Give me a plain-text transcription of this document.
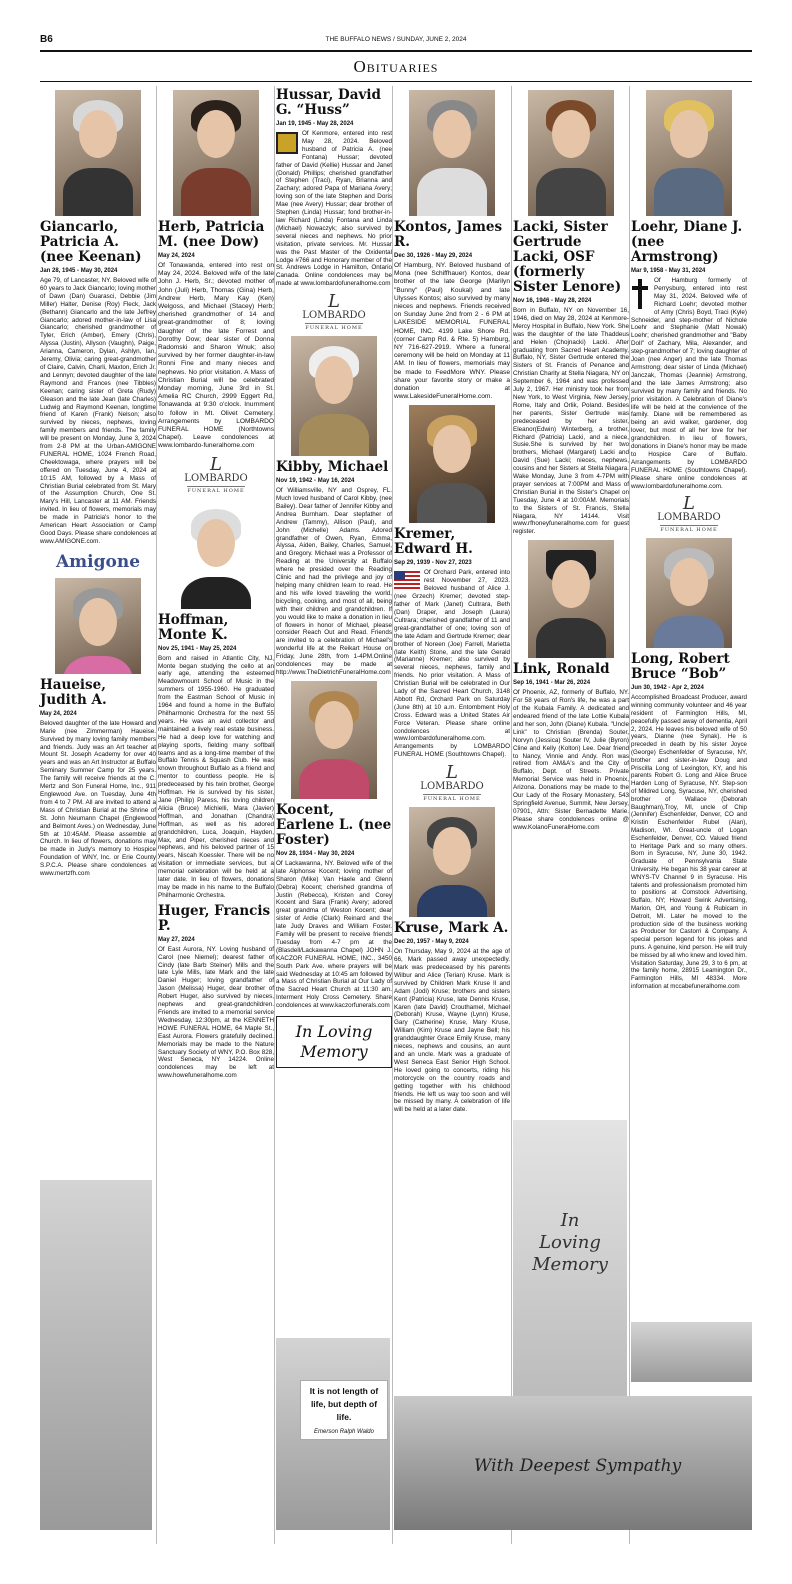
B6	THE BUFFALO NEWS / SUNDAY, JUNE 2, 2024
Obituaries
Giancarlo, Patricia A. (nee Keenan)
Jan 28, 1945 - May 30, 2024
Age 79, of Lancaster, NY. Beloved wife of 60 years to Jack Giancarlo; loving mother of Dawn (Dan) Guarasci, Debbie (Jim Miller) Halter, Denise (Roy) Fleck, Jack (Bethann) Giancarlo and the late Jeffrey Giancarlo; adored mother-in-law of Lisa Giancarlo; cherished grandmother of Tyler, Erich (Amber), Emery (Chris), Alyssa (Justin), Allyson (Vaughn), Paige, Arianna, Cameron, Dylan, Ashlyn, Ian, Jeremy, Olivia; caring great-grandmother of Claire, Calvin, Charli, Maxton, Erich Jr. and Lennyn; devoted daughter of the late Raymond and Frances (nee Tibbles) Keenan; caring sister of Greta (Rudy) Gleason and the late Jean (late Charles) Ludwig and Raymond Keenan, longtime friend of Karen (Frank) Nelson; also survived by nieces, nephews, loving family members and friends. The family will be present on Monday, June 3, 2024 from 2-8 PM at the Urban-AMIGONE FUNERAL HOME, 1024 French Road, Cheektowaga, where prayers will be offered on Tuesday, June 4, 2024 at 10:15 AM, followed by a Mass of Christian Burial celebrated from St. Mary of the Assumption Church, One St. Mary's Hill, Lancaster at 11 AM. Friends invited. In lieu of flowers, memorials may be made in Patricia's honor to the American Heart Association or Camp Good Days. Please share condolences at www.AMIGONE.com.
Amigone
Haueise, Judith A.
May 24, 2024
Beloved daughter of the late Howard and Marie (nee Zimmerman) Haueise. Survived by many loving family members and friends. Judy was an Art teacher at Mount St. Joseph Academy for over 40 years and was an Art Instructor at Buffalo Seminary Summer Camp for 25 years. The family will receive friends at the C. Mertz and Son Funeral Home, Inc., 911 Englewood Ave. on Tuesday, June 4th from 4 to 7 PM. All are invited to attend a Mass of Christian Burial at the Shrine of St. John Neumann Chapel (Englewood and Belmont Aves.) on Wednesday, June 5th at 10:45AM. Please assemble at Church. In lieu of flowers, donations may be made in Judy's memory to Hospice Foundation of WNY, Inc. or Erie County S.P.C.A. Please share condolences at www.mertzfh.com
Herb, Patricia M. (nee Dow)
May 24, 2024
Of Tonawanda, entered into rest on May 24, 2024. Beloved wife of the late John J. Herb, Sr.; devoted mother of John (Juli) Herb, Thomas (Gina) Herb, Andrew Herb, Mary Kay (Ken) Welgoss, and Michael (Stacey) Herb; cherished grandmother of 14 and great-grandmother of 8; loving daughter of the late Forrest and Dorothy Dow; dear sister of Donna Radomski and Sharon Wnuk; also survived by her former daughter-in-law Ronni Fine and many nieces and nephews. No prior visitation. A Mass of Christian Burial will be celebrated Monday morning, June 3rd in St. Amelia RC Church, 2999 Eggert Rd, Tonawanda at 9:30 o'clock. Inurnment to follow in Mt. Olivet Cemetery. Arrangements by LOMBARDO FUNERAL HOME (Northtowns Chapel). Leave condolences at www.lombardo-funeralhome.com
L
LOMBARDO
FUNERAL HOME
Hoffman, Monte K.
Nov 25, 1941 - May 25, 2024
Born and raised in Atlantic City, NJ, Monte began studying the cello at an early age, attending the esteemed Meadowmount School of Music in the summers of 1955-1960. He graduated from the Eastman School of Music in 1964 and found a home in the Buffalo Philharmonic Orchestra for the next 55 years. He was an avid collector and maintained a lively real estate business. He had a deep love for watching and playing sports, fielding many softball teams and as a long-time member of the Buffalo Tennis & Squash Club. He was known throughout Buffalo as a friend and mentor to countless people. He is predeceased by his twin brother, George Hoffman. He is survived by his sister, Jane (Philip) Paress, his loving children Alicia (Bruce) Michielli, Mara (Javier) Hoffman, and Jonathan (Chandra) Hoffman, as well as his adored grandchildren, Luca, Joaquin, Hayden, Max, and Piper, cherished nieces and nephews, and his beloved partner of 15 years, Niscah Koessler. There will be no visitation or immediate services, but a memorial celebration will be held at a later date. In lieu of flowers, donations may be made in his name to the Buffalo Philharmonic Orchestra.
Huger, Francis P.
May 27, 2024
Of East Aurora, NY. Loving husband of Carol (nee Niemel); dearest father of Cindy (late Barb Steiner) Mills and the late Lyle Mills, late Mark and the late Daniel Huger; loving grandfather of Jason (Melissa) Huger, dear brother of Robert Huger, also survived by nieces, nephews and great-grandchildren. Friends are invited to a memorial service Wednesday, 12:30pm, at the KENNETH HOWE FUNERAL HOME, 64 Maple St., East Aurora. Flowers gratefully declined. Memorials may be made to the Nature Sanctuary Society of WNY, P.O. Box 828, West Seneca, NY 14224. Online condolences may be left at www.howefuneralhome.com
Hussar, David G. “Huss”
Jan 19, 1945 - May 28, 2024
Of Kenmore, entered into rest May 28, 2024. Beloved husband of Patricia A. (nee Fontana) Hussar; devoted father of David (Kellie) Hussar and Janet (Donald) Phillips; cherished grandfather of Stephen (Traci), Ryan, Brianna and Zachary; adored Papa of Mariana Avery; loving son of the late Stephen and Doris Mae (nee Avery) Hussar; dear brother of Stephen (Linda) Hussar; fond brother-in-law Richard (Linda) Fontana and Linda (Michael) Nowaczyk; also survived by several nieces and nephews. No prior visitation, private services. Mr. Hussar was the Past Master of the Oxidental Lodge #766 and Honorary member of the St. Andrews Lodge in Hamilton, Ontario Canada. Online condolences may be made at www.lombardofuneralhome.com
L
LOMBARDO
FUNERAL HOME
Kibby, Michael
Nov 19, 1942 - May 16, 2024
Of Williamsville, NY and Osprey, FL. Much loved husband of Carol Kibby, (nee Bailey). Dear father of Jennifer Kibby and Andrea Burnham. Dear stepfather of Andrew (Tammy), Allison (Paul), and John (Michelle) Adams. Adored grandfather of Owen, Ryan, Emma, Alyssa, Aiden, Bailey, Charles, Samuel, and Gregory. Michael was a Professor of Reading at the University at Buffalo where he presided over the Reading Clinic and had the privilege and joy of helping many children learn to read. He and his wife loved traveling the world, bicycling, cooking, and most of all, being with their children and grandchildren. If you would like to make a donation in lieu of flowers in honor of Michael, please consider Reach Out and Read. Friends are invited to a celebration of Michael's wonderful life at the Reikart House on Friday, June 28th, from 1-4PM.Online condolences may be made at http://www.TheDietrichFuneralHome.com
Kocent, Earlene L. (nee Foster)
Nov 28, 1934 - May 30, 2024
Of Lackawanna, NY. Beloved wife of the late Alphonse Kocent; loving mother of Sharon (Mike) Van Haele and Glenn (Debra) Kocent; cherished grandma of Justin (Rebecca), Kristen and Corey Kocent and Sara (Frank) Avery; adored great grandma of Weston Kocent; dear sister of Ardie (Clark) Reinard and the late Judy Draves and William Foster. Family will be present to receive friends Tuesday from 4-7 pm at the (Blasdell/Lackawanna Chapel) JOHN J. KACZOR FUNERAL HOME, INC., 3450 South Park Ave. where prayers will be said Wednesday at 10:45 am followed by a Mass of Christian Burial at Our Lady of the Sacred Heart Church at 11:30 am. Interment Holy Cross Cemetery. Share condolences at www.kaczorfunerals.com
In Loving Memory
It is not length of life, but depth of life.
Emerson Ralph Waldo
Kontos, James R.
Dec 30, 1926 - May 29, 2024
Of Hamburg, NY. Beloved husband of Mona (nee Schiffhauer) Kontos, dear brother of the late George (Marilyn "Bunny" (Paul) Koukal) and late Ulysses Kontos; also survived by many nieces and nephews. Friends received on Sunday June 2nd from 2 - 6 PM at LAKESIDE MEMORIAL FUNERAL HOME, INC. 4199 Lake Shore Rd. (corner Camp Rd. & Rte. 5) Hamburg, NY 716-627-2919. Where a funeral ceremony will be held on Monday at 11 AM. In lieu of flowers, memorials may be made to FeedMore WNY. Please share your favorite story or make a donation at www.LakesideFuneralHome.com.
Kremer, Edward H.
Sep 29, 1939 - Nov 27, 2023
Of Orchard Park, entered into rest November 27, 2023. Beloved husband of Alice J. (nee Grzech) Kremer; devoted step-father of Mark (Janet) Cultrara, Beth (Dan) Draper, and Joseph (Laura) Cultrara; cherished grandfather of 11 and great-grandfather of one; loving son of the late Adam and Gertrude Kremer; dear brother of Noreen (Joe) Farrell, Marietta (late Keith) Stone, and the late Gerald (Marianne) Kremer; also survived by several nieces, nephews, family and friends. No prior visitation. A Mass of Christian Burial will be celebrated in Our Lady of the Sacred Heart Church, 3148 Abbott Rd, Orchard Park on Saturday (June 8th) at 10 a.m. Entombment Holy Cross. Edward was a United States Air Force Veteran. Please share online condolences at www.lombardofuneralhome.com. Arrangements by LOMBARDO FUNERAL HOME (Southtowns Chapel).
L
LOMBARDO
FUNERAL HOME
Kruse, Mark A.
Dec 20, 1957 - May 9, 2024
On Thursday, May 9, 2024 at the age of 66, Mark passed away unexpectedly. Mark was predeceased by his parents Wilbur and Alice (Terian) Kruse. Mark is survived by Children Mark Kruse II and Adam (Jodi) Kruse; brothers and sisters Kent (Patricia) Kruse, late Dennis Kruse, Karen (late David) Crouthamel, Michael (Deborah) Kruse, Wayne (Lynn) Kruse, Gary (Catherine) Kruse, Mary Kruse, William (Kim) Kruse and Jayne Bell; his granddaughter Grace Emily Kruse, many nieces, nephews and cousins, an aunt and an uncle. Mark was a graduate of West Seneca East Senior High School. He loved going to concerts, riding his motorcycle on the country roads and getting together with his childhood friends. He left us way too soon and will be missed by many. A celebration of life will be held at a later date.
Lacki, Sister Gertrude Lacki, OSF (formerly Sister Lenore)
Nov 16, 1946 - May 28, 2024
Born in Buffalo, NY on November 16, 1946, died on May 28, 2024 at Kenmore-Mercy Hospital in Buffalo, New York. She was the daughter of the late Thaddeus and Helen (Chojnacki) Lacki. After graduating from Sacred Heart Academy, Buffalo, NY, Sister Gertrude entered the Sisters of St. Francis of Penance and Christian Charity at Stella Niagara, NY on September 6, 1964 and was professed July 2, 1967. Her ministry took her from New York, to West Virginia, New Jersey, Rome, Italy and Orlik, Poland. Besides her parents, Sister Gertrude was predeceased by her sister, Eleanor(Edwin) Winterberg, a brother, Richard (Patricia) Lacki, and a niece, Susie.She is survived by her two brothers, Michael (Margaret) Lacki and David (Sue) Lacki; nieces, nephews, cousins and her Sisters at Stella Niagara. Wake Monday, June 3 from 4-7PM with prayer services at 7:00PM and Mass of Christian Burial in the Sister's Chapel on Tuesday, June 4 at 10:00AM. Memorials to the Sisters of St. Francis, Stella Niagara, NY 14144. Visit www.rfhoneyfuneralhome.com for guest register.
Link, Ronald
Sep 16, 1941 - Mar 26, 2024
Of Phoenix, AZ, formerly of Buffalo, NY. For 58 years of Ron's life, he was a part of the Kubala Family. A dedicated and endeared friend of the late Lottie Kubala and her son, John (Diane) Kubala. "Uncle Link" to Christian (Brenda) Souter, Norvyn (Jessica) Souter IV, Julie (Byron) Cline and Kelly (Kolton) Lee. Dear friend to Nancy, Vinnie and Andy. Ron was retired from AM&A's and the City of Buffalo, Dept. of Streets. Private Memorial Service was held in Phoenix, Arizona. Donations may be made to the Our Lady of the Rosary Monastery, 543 Springfield Avenue, Summit, New Jersey, 07901, Attn: Sister Bernadette Marie. Please share condolences online @ www.KolanoFuneralHome.com
In Loving Memory
Loehr, Diane J. (nee Armstrong)
Mar 9, 1958 - May 31, 2024
Of Hamburg formerly of Perrysburg, entered into rest May 31, 2024. Beloved wife of Richard Loehr; devoted mother of Amy (Chris) Boyd, Traci (Kyle) Schneider, and step-mother of Nichole Loehr and Stephanie (Matt Nowak) Loehr; cherished grandmother and "Baby Doll" of Zachary, Mila, Alexander, and step-grandmother of 7; loving daughter of Joan (nee Anger) and the late Thomas Armstrong; dear sister of Linda (Michael) Janczak, Thomas (Jeannie) Armstrong, and the late James Armstrong; also survived by many family and friends. No prior visitation. A Celebration of Diane's life will be held at the convience of the family. Diane will be remembered as being an avid walker, gardener, dog lover, but most of all her love for her grandchildren. In lieu of flowers, donations in Diane's honor may be made to Hospice Care of Buffalo. Arrangements by LOMBARDO FUNERAL HOME (Southtowns Chapel). Please share online condolences at www.lombardofuneralhome.com.
L
LOMBARDO
FUNERAL HOME
Long, Robert Bruce “Bob”
Jun 30, 1942 - Apr 2, 2024
Accomplished Broadcast Producer, award winning community volunteer and 46 year resident of Farmington Hills, MI, peacefully passed away of dementia, April 2, 2024. He leaves his beloved wife of 50 years, Dianne (nee Synak). He is preceded in death by his sister Joyce (George) Eschenfelder of Syracuse, NY, brother and sister-in-law Doug and Priscilla Long of Lexington, KY, and his parents Robert G. Long and Alice Bruce Harden Long of Syracuse, NY. Step-son of Mildred Long, Syracuse, NY, cherished brother of Wallace (Deborah Baughman),Troy, MI, uncle of Chip (Jennifer) Eschenfelder, Denver, CO and Kristin Eschenfelder Rubel (Alan), Madison, WI. Great-uncle of Logan Eschenfelder, Denver, CO. Valued friend to Heritage Park and so many others. Born in Syracuse, NY, June 30, 1942. Graduate of Pennsylvania State University. He began his 38 year career at WNYS-TV Channel 9 in Syracuse. His talents and professionalism promoted him to positions at Comstock Advertising, Buffalo, NY; Howard Swink Advertising, Marion, OH, and Young & Rubicam in Detroit, MI. Later he moved to the production side of the business working as Producer for Castorri & Company. A special person legend for his jokes and puns. A genuine, kind person. He will truly be missed by all who knew and loved him. Visitation Saturday, June 29, 3 to 6 pm, at the family home, 28915 Leamington Dr., Farmington Hills, MI 48334. More information at mccabefuneralhome.com
With Deepest Sympathy
